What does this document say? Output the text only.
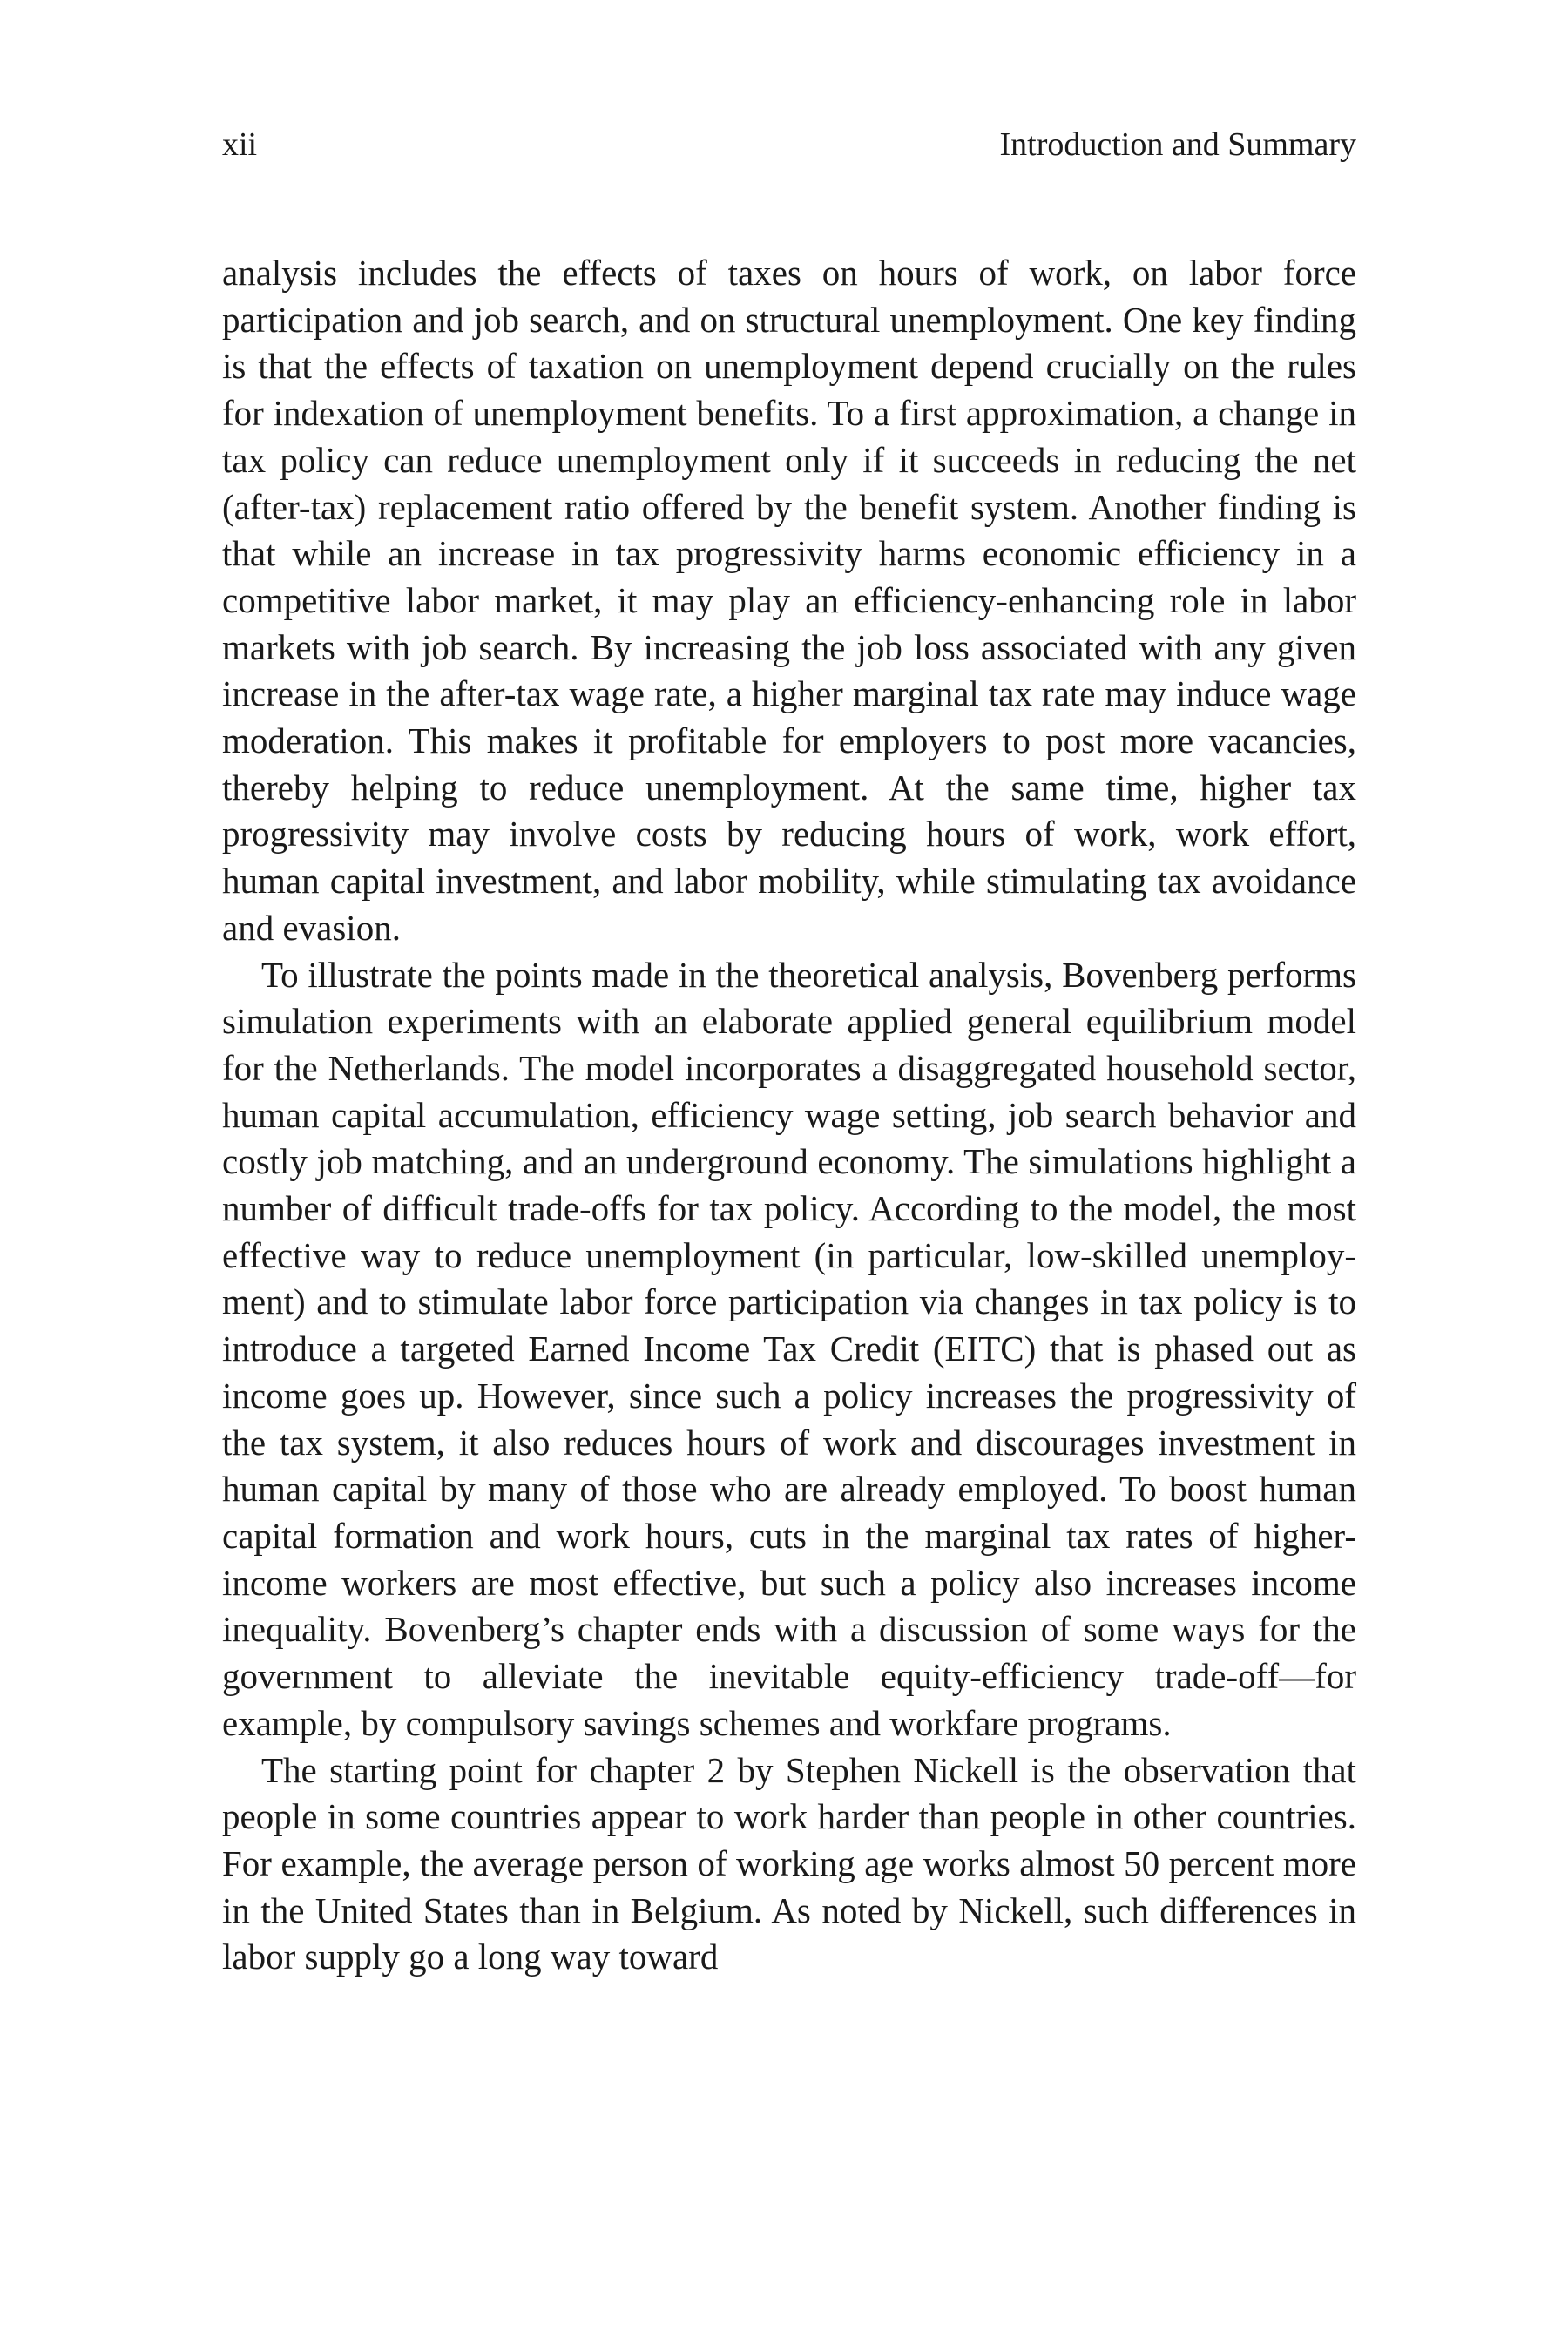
xii	Introduction and Summary

analysis includes the effects of taxes on hours of work, on labor force participation and job search, and on structural unemployment. One key finding is that the effects of taxation on unemployment depend crucially on the rules for indexation of unemployment benefits. To a first approximation, a change in tax policy can reduce unemployment only if it succeeds in reducing the net (after-tax) replacement ratio offered by the benefit system. Another finding is that while an increase in tax progressivity harms economic efficiency in a competitive labor market, it may play an efficiency-enhancing role in labor markets with job search. By increasing the job loss associated with any given increase in the after-tax wage rate, a higher marginal tax rate may induce wage moderation. This makes it profitable for employers to post more vacancies, thereby helping to reduce unemployment. At the same time, higher tax progressivity may involve costs by reducing hours of work, work effort, human capital investment, and labor mobility, while stimulating tax avoidance and evasion.

To illustrate the points made in the theoretical analysis, Bovenberg performs simulation experiments with an elaborate applied general equilibrium model for the Netherlands. The model incorporates a disaggregated household sector, human capital accumulation, efficiency wage setting, job search behavior and costly job matching, and an underground economy. The simulations highlight a number of difficult trade-offs for tax policy. According to the model, the most effective way to reduce unemployment (in particular, low-skilled unemployment) and to stimulate labor force participation via changes in tax policy is to introduce a targeted Earned Income Tax Credit (EITC) that is phased out as income goes up. However, since such a policy increases the progressivity of the tax system, it also reduces hours of work and discourages investment in human capital by many of those who are already employed. To boost human capital formation and work hours, cuts in the marginal tax rates of higher-income workers are most effective, but such a policy also increases income inequality. Bovenberg’s chapter ends with a discussion of some ways for the government to alleviate the inevitable equity-efficiency trade-off—for example, by compulsory savings schemes and workfare programs.

The starting point for chapter 2 by Stephen Nickell is the observation that people in some countries appear to work harder than people in other countries. For example, the average person of working age works almost 50 percent more in the United States than in Belgium. As noted by Nickell, such differences in labor supply go a long way toward
